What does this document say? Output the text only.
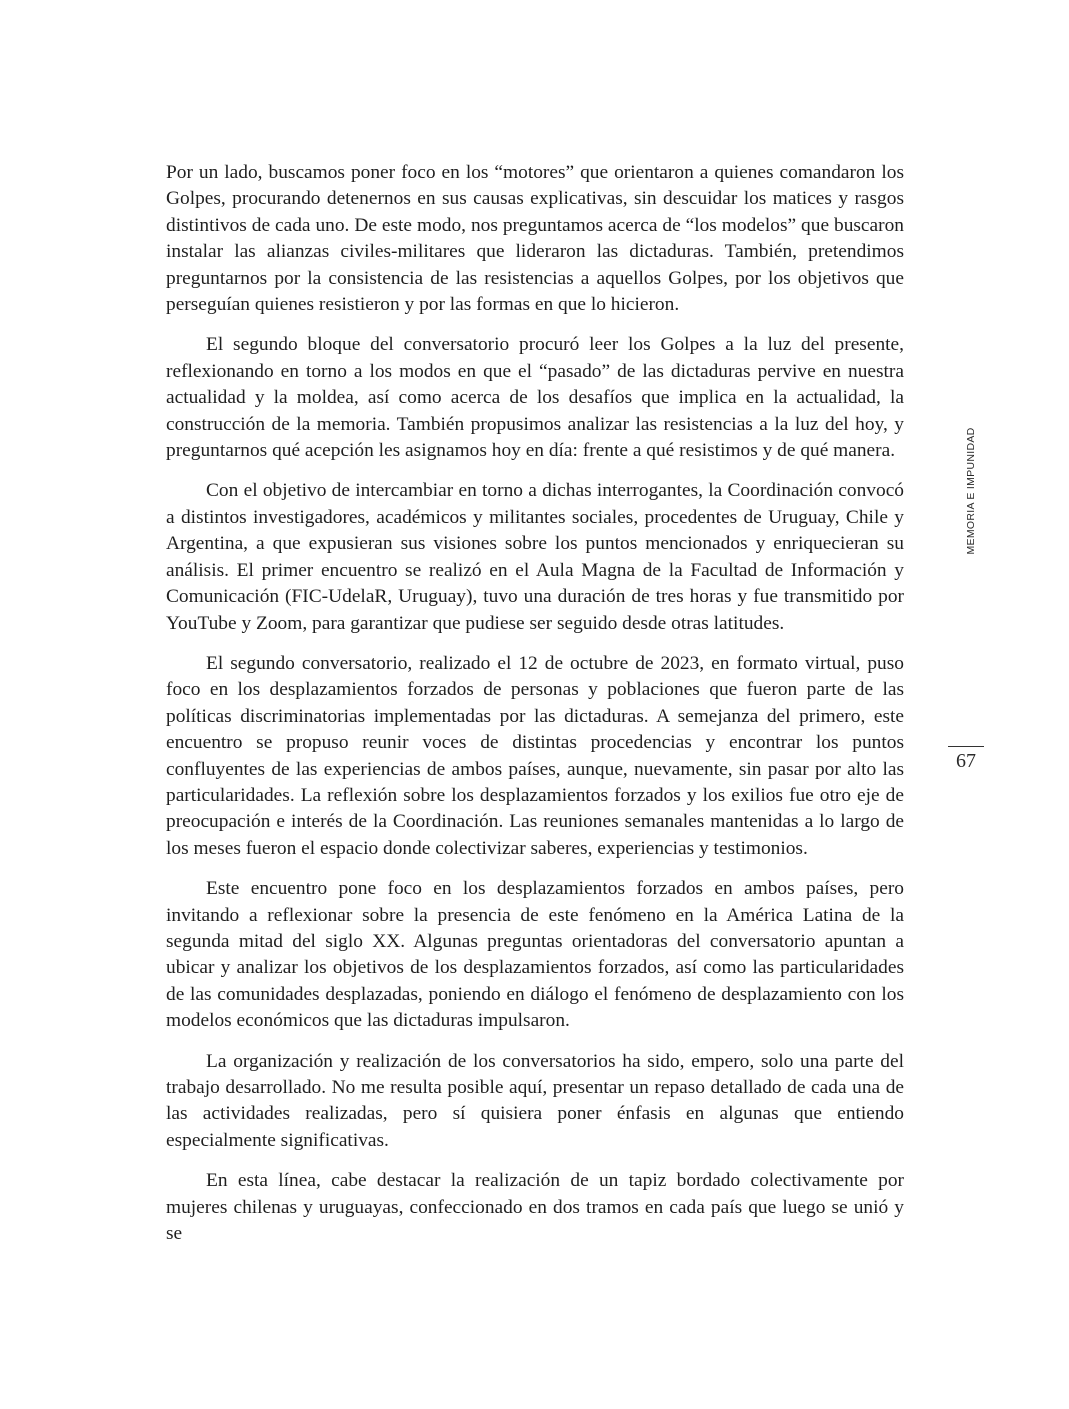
Por un lado, buscamos poner foco en los “motores” que orientaron a quienes comandaron los Golpes, procurando detenernos en sus causas explicativas, sin descuidar los matices y rasgos distintivos de cada uno. De este modo, nos preguntamos acerca de “los modelos” que buscaron instalar las alianzas civiles-militares que lideraron las dictaduras. También, pretendimos preguntarnos por la consistencia de las resistencias a aquellos Golpes, por los objetivos que perseguían quienes resistieron y por las formas en que lo hicieron.

El segundo bloque del conversatorio procuró leer los Golpes a la luz del presente, reflexionando en torno a los modos en que el “pasado” de las dictaduras pervive en nuestra actualidad y la moldea, así como acerca de los desafíos que implica en la actualidad, la construcción de la memoria. También propusimos analizar las resistencias a la luz del hoy, y preguntarnos qué acepción les asignamos hoy en día: frente a qué resistimos y de qué manera.

Con el objetivo de intercambiar en torno a dichas interrogantes, la Coordinación convocó a distintos investigadores, académicos y militantes sociales, procedentes de Uruguay, Chile y Argentina, a que expusieran sus visiones sobre los puntos mencionados y enriquecieran su análisis. El primer encuentro se realizó en el Aula Magna de la Facultad de Información y Comunicación (FIC-UdelaR, Uruguay), tuvo una duración de tres horas y fue transmitido por YouTube y Zoom, para garantizar que pudiese ser seguido desde otras latitudes.

El segundo conversatorio, realizado el 12 de octubre de 2023, en formato virtual, puso foco en los desplazamientos forzados de personas y poblaciones que fueron parte de las políticas discriminatorias implementadas por las dictaduras. A semejanza del primero, este encuentro se propuso reunir voces de distintas procedencias y encontrar los puntos confluyentes de las experiencias de ambos países, aunque, nuevamente, sin pasar por alto las particularidades. La reflexión sobre los desplazamientos forzados y los exilios fue otro eje de preocupación e interés de la Coordinación. Las reuniones semanales mantenidas a lo largo de los meses fueron el espacio donde colectivizar saberes, experiencias y testimonios.

Este encuentro pone foco en los desplazamientos forzados en ambos países, pero invitando a reflexionar sobre la presencia de este fenómeno en la América Latina de la segunda mitad del siglo XX. Algunas preguntas orientadoras del conversatorio apuntan a ubicar y analizar los objetivos de los desplazamientos forzados, así como las particularidades de las comunidades desplazadas, poniendo en diálogo el fenómeno de desplazamiento con los modelos económicos que las dictaduras impulsaron.

La organización y realización de los conversatorios ha sido, empero, solo una parte del trabajo desarrollado. No me resulta posible aquí, presentar un repaso detallado de cada una de las actividades realizadas, pero sí quisiera poner énfasis en algunas que entiendo especialmente significativas.

En esta línea, cabe destacar la realización de un tapiz bordado colectivamente por mujeres chilenas y uruguayas, confeccionado en dos tramos en cada país que luego se unió y se

MEMORIA E IMPUNIDAD
67
